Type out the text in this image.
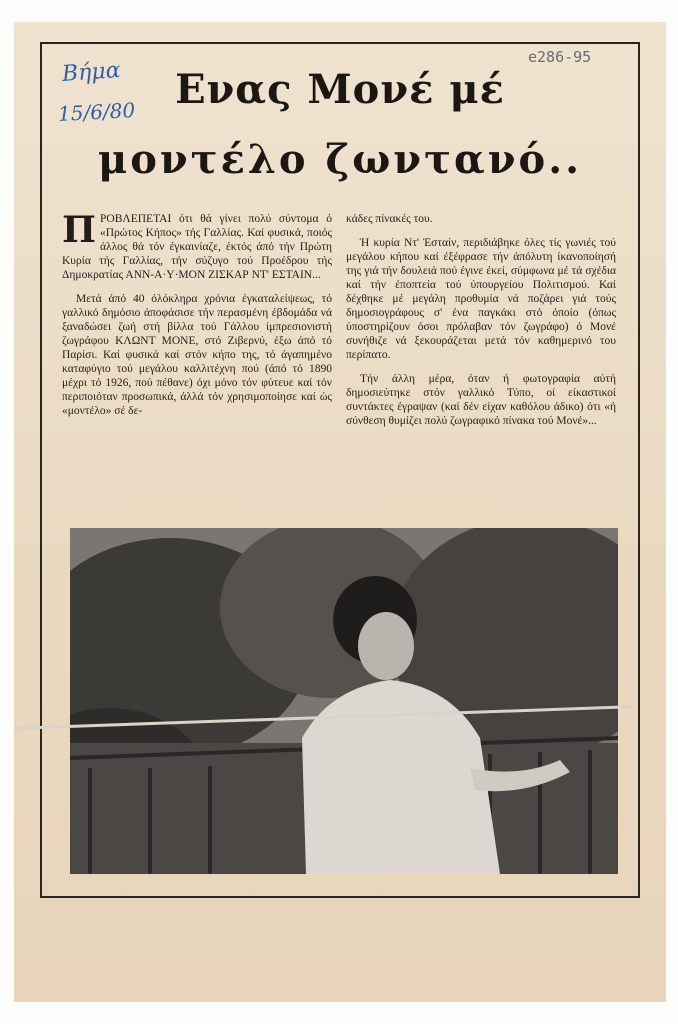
Βήμα
15/6/80
e286-95
Ενας Μονέ μέ
μοντέλο ζωντανό..

ΠΡΟΒΛΕΠΕΤΑΙ ότι θά γίνει πολύ σύντομα ό «Πρώτος Κήπος» τής Γαλλίας. Καί φυσικά, ποιός άλλος θά τόν έγκαινίαζε, έκτός άπό τήν Πρώτη Κυρία τής Γαλλίας, τήν σύζυγο τού Προέδρου τής Δημοκρατίας ΑΝΝ-Α·Υ·ΜΟΝ ΖΙΣΚΑΡ ΝΤ' ΕΣΤΑΙΝ...

Μετά άπό 40 όλόκληρα χρόνια έγκαταλείψεως, τό γαλλικό δημόσιο άποφάσισε τήν περασμένη έβδομάδα νά ξαναδώσει ζωή στή βίλλα τού Γάλλου ίμπρεσιονιστή ζωγράφου ΚΛΩΝΤ ΜΟΝΕ, στό Ζιβερνύ, έξω άπό τό Παρίσι. Καί φυσικά καί στόν κήπο της, τό άγαπημένο καταφύγιο τού μεγάλου καλλιτέχνη πού (άπό τό 1890 μέχρι τό 1926, πού πέθανε) όχι μόνο τόν φύτευε καί τόν περιποιόταν προσωπικά, άλλά τόν χρησιμοποίησε καί ώς «μοντέλο» σέ δε-

κάδες πίνακές του.

Ή κυρία Ντ' Έσταίν, περιδιάβηκε όλες τίς γωνιές τού μεγάλου κήπου καί έξέφρασε τήν άπόλυτη ίκανοποίησή της γιά τήν δουλειά πού έγινε έκεί, σύμφωνα μέ τά σχέδια καί τήν έποπτεία τού ύπουργείου Πολιτισμού. Καί δέχθηκε μέ μεγάλη προθυμία νά ποζάρει γιά τούς δημοσιογράφους σ' ένα παγκάκι στό όποίο (όπως ύποστηρίζουν όσοι πρόλαβαν τόν ζωγράφο) ό Μονέ συνήθιζε νά ξεκουράζεται μετά τόν καθημερινό του περίπατο.

Τήν άλλη μέρα, όταν ή φωτογραφία αύτή δημοσιεύτηκε στόν γαλλικό Τύπο, οί είκαστικοί συντάκτες έγραψαν (καί δέν είχαν καθόλου άδικο) ότι «ή σύνθεση θυμίζει πολύ ζωγραφικό πίνακα τού Μονέ»...
